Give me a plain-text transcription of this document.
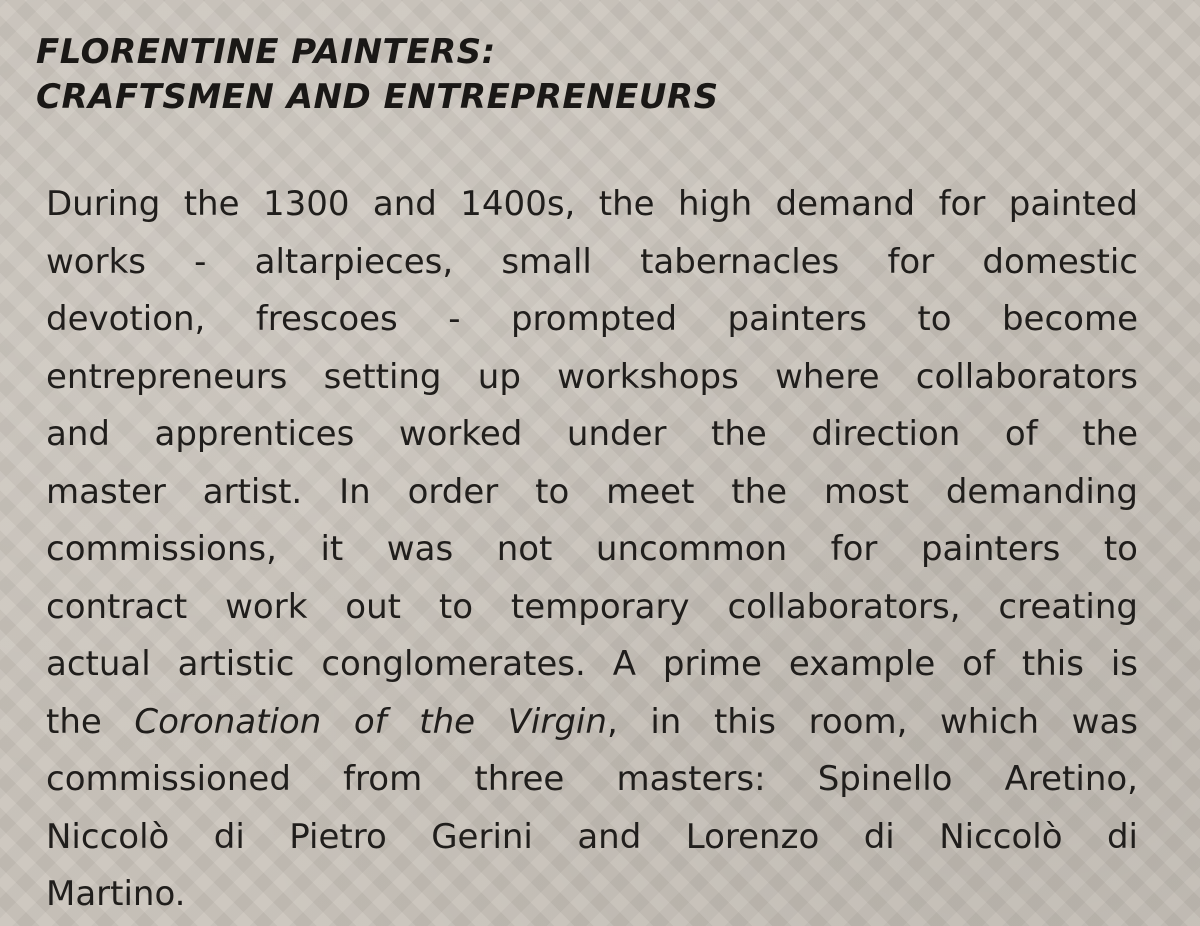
FLORENTINE PAINTERS:
CRAFTSMEN AND ENTREPRENEURS

During the 1300 and 1400s, the high demand for painted
works - altarpieces, small tabernacles for domestic
devotion, frescoes - prompted painters to become
entrepreneurs setting up workshops where collaborators
and apprentices worked under the direction of the
master artist. In order to meet the most demanding
commissions, it was not uncommon for painters to
contract work out to temporary collaborators, creating
actual artistic conglomerates. A prime example of this is
the Coronation of the Virgin, in this room, which was
commissioned from three masters: Spinello Aretino,
Niccolò di Pietro Gerini and Lorenzo di Niccolò di
Martino.
